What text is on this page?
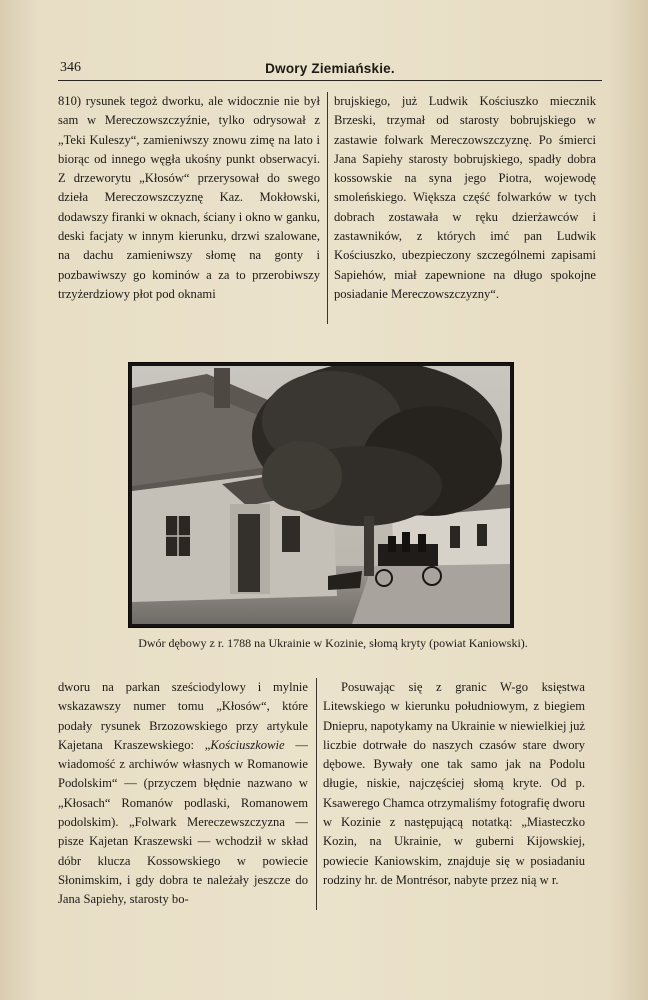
346	Dwory Ziemiańskie.

810) rysunek tegoż dworku, ale widocznie nie był sam w Mereczowszczyźnie, tylko odrysował z „Teki Kuleszy“, zamieniwszy znowu zimę na lato i biorąc od innego węgła ukośny punkt obserwacyi. Z drzeworytu „Kłosów“ przerysował do swego dzieła Mereczowszczyznę Kaz. Mokłowski, dodawszy firanki w oknach, ściany i okno w ganku, deski facjaty w innym kierunku, drzwi szalowane, na dachu zamieniwszy słomę na gonty i pozbawiwszy go kominów a za to przerobiwszy trzyżerdziowy płot pod oknami

brujskiego, już Ludwik Kościuszko miecznik Brzeski, trzymał od starosty bobrujskiego w zastawie folwark Mereczowszczyznę. Po śmierci Jana Sapiehy starosty bobrujskiego, spadły dobra kossowskie na syna jego Piotra, wojewodę smoleńskiego. Większa część folwarków w tych dobrach zostawała w ręku dzierżawców i zastawników, z których imć pan Ludwik Kościuszko, ubezpieczony szczególnemi zapisami Sapiehów, miał zapewnione na długo spokojne posiadanie Mereczowszczyzny“.

Dwór dębowy z r. 1788 na Ukrainie w Kozinie, słomą kryty (powiat Kaniowski).

dworu na parkan sześciodylowy i mylnie wskazawszy numer tomu „Kłosów“, które podały rysunek Brzozowskiego przy artykule Kajetana Kraszewskiego: „Kościuszkowie — wiadomość z archiwów własnych w Romanowie Podolskim“ — (przyczem błędnie nazwano w „Kłosach“ Romanów podlaski, Romanowem podolskim). „Folwark Mereczewszczyzna — pisze Kajetan Kraszewski — wchodził w skład dóbr klucza Kossowskiego w powiecie Słonimskim, i gdy dobra te należały jeszcze do Jana Sapiehy, starosty bo-

Posuwając się z granic W-go księstwa Litewskiego w kierunku południowym, z biegiem Dniepru, napotykamy na Ukrainie w niewielkiej już liczbie dotrwałe do naszych czasów stare dwory dębowe. Bywały one tak samo jak na Podolu długie, niskie, najczęściej słomą kryte. Od p. Ksawerego Chamca otrzymaliśmy fotografię dworu w Kozinie z następującą notatką: „Miasteczko Kozin, na Ukrainie, w guberni Kijowskiej, powiecie Kaniowskim, znajduje się w posiadaniu rodziny hr. de Montrésor, nabyte przez nią w r.
